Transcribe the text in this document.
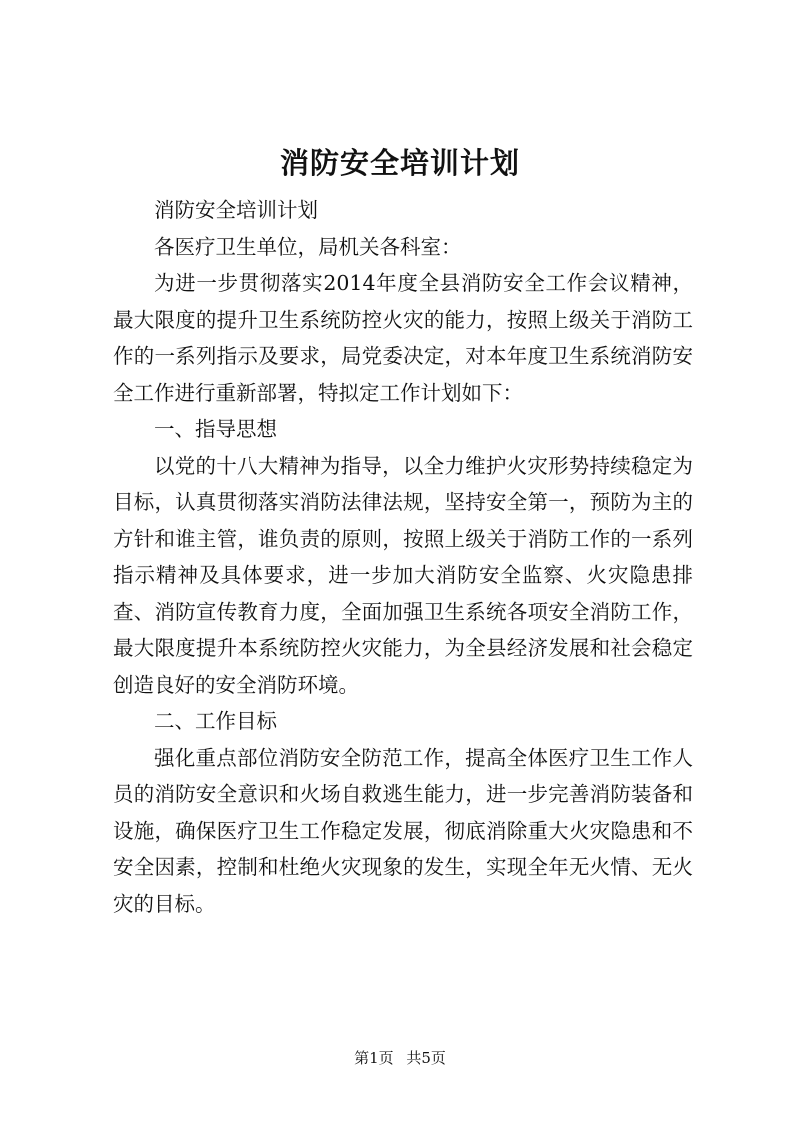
消防安全培训计划

消防安全培训计划

各医疗卫生单位，局机关各科室：

为进一步贯彻落实2014年度全县消防安全工作会议精神，最大限度的提升卫生系统防控火灾的能力，按照上级关于消防工作的一系列指示及要求，局党委决定，对本年度卫生系统消防安全工作进行重新部署，特拟定工作计划如下：

一、指导思想

以党的十八大精神为指导，以全力维护火灾形势持续稳定为目标，认真贯彻落实消防法律法规，坚持安全第一，预防为主的方针和谁主管，谁负责的原则，按照上级关于消防工作的一系列指示精神及具体要求，进一步加大消防安全监察、火灾隐患排查、消防宣传教育力度，全面加强卫生系统各项安全消防工作，最大限度提升本系统防控火灾能力，为全县经济发展和社会稳定创造良好的安全消防环境。

二、工作目标

强化重点部位消防安全防范工作，提高全体医疗卫生工作人员的消防安全意识和火场自救逃生能力，进一步完善消防装备和设施，确保医疗卫生工作稳定发展，彻底消除重大火灾隐患和不安全因素，控制和杜绝火灾现象的发生，实现全年无火情、无火灾的目标。

第1页 共5页
